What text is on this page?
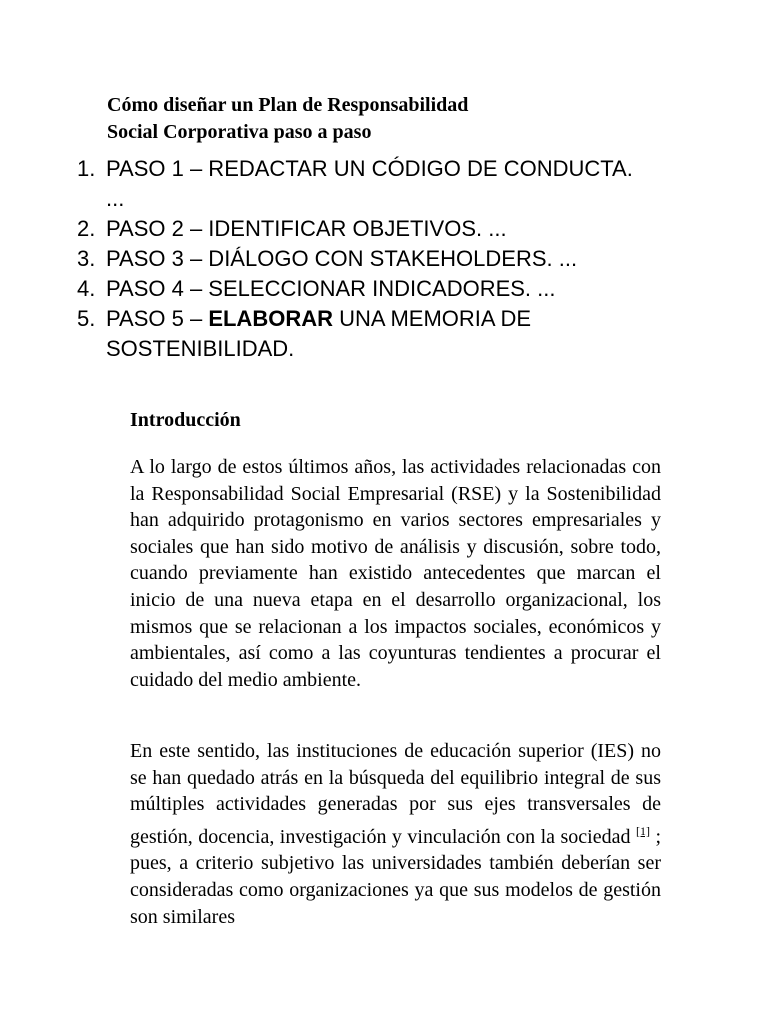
Cómo diseñar un Plan de Responsabilidad
Social Corporativa paso a paso
1. PASO 1 – REDACTAR UN CÓDIGO DE CONDUCTA.
...
2. PASO 2 – IDENTIFICAR OBJETIVOS. ...
3. PASO 3 – DIÁLOGO CON STAKEHOLDERS. ...
4. PASO 4 – SELECCIONAR INDICADORES. ...
5. PASO 5 – ELABORAR UNA MEMORIA DE
SOSTENIBILIDAD.
Introducción

A lo largo de estos últimos años, las actividades relacionadas con la Responsabilidad Social Empresarial (RSE) y la Sostenibilidad han adquirido protagonismo en varios sectores empresariales y sociales que han sido motivo de análisis y discusión, sobre todo, cuando previamente han existido antecedentes que marcan el inicio de una nueva etapa en el desarrollo organizacional, los mismos que se relacionan a los impactos sociales, económicos y ambientales, así como a las coyunturas tendientes a procurar el cuidado del medio ambiente.

En este sentido, las instituciones de educación superior (IES) no se han quedado atrás en la búsqueda del equilibrio integral de sus múltiples actividades generadas por sus ejes transversales de gestión, docencia, investigación y vinculación con la sociedad [1] ; pues, a criterio subjetivo las universidades también deberían ser consideradas como organizaciones ya que sus modelos de gestión son similares
